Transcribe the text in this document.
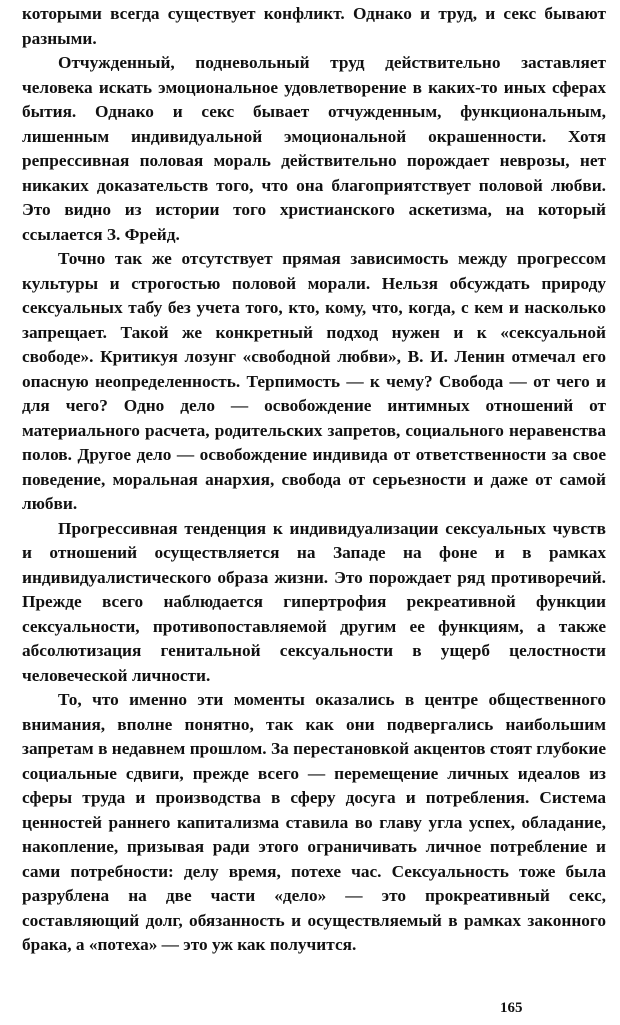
которыми всегда существует конфликт. Однако и труд, и секс бывают разными.

Отчужденный, подневольный труд действительно заставляет человека искать эмоциональное удовлетворение в каких-то иных сферах бытия. Однако и секс бывает отчужденным, функциональным, лишенным индивидуальной эмоциональной окрашенности. Хотя репрессивная половая мораль действительно порождает неврозы, нет никаких доказательств того, что она благоприятствует половой любви. Это видно из истории того христианского аскетизма, на который ссылается З. Фрейд.

Точно так же отсутствует прямая зависимость между прогрессом культуры и строгостью половой морали. Нельзя обсуждать природу сексуальных табу без учета того, кто, кому, что, когда, с кем и насколько запрещает. Такой же конкретный подход нужен и к «сексуальной свободе». Критикуя лозунг «свободной любви», В. И. Ленин отмечал его опасную неопределенность. Терпимость — к чему? Свобода — от чего и для чего? Одно дело — освобождение интимных отношений от материального расчета, родительских запретов, социального неравенства полов. Другое дело — освобождение индивида от ответственности за свое поведение, моральная анархия, свобода от серьезности и даже от самой любви.

Прогрессивная тенденция к индивидуализации сексуальных чувств и отношений осуществляется на Западе на фоне и в рамках индивидуалистического образа жизни. Это порождает ряд противоречий. Прежде всего наблюдается гипертрофия рекреативной функции сексуальности, противопоставляемой другим ее функциям, а также абсолютизация генитальной сексуальности в ущерб целостности человеческой личности.

То, что именно эти моменты оказались в центре общественного внимания, вполне понятно, так как они подвергались наибольшим запретам в недавнем прошлом. За перестановкой акцентов стоят глубокие социальные сдвиги, прежде всего — перемещение личных идеалов из сферы труда и производства в сферу досуга и потребления. Система ценностей раннего капитализма ставила во главу угла успех, обладание, накопление, призывая ради этого ограничивать личное потребление и сами потребности: делу время, потехе час. Сексуальность тоже была разрублена на две части «дело» — это прокреативный секс, составляющий долг, обязанность и осуществляемый в рамках законного брака, а «потеха» — это уж как получится.

165
